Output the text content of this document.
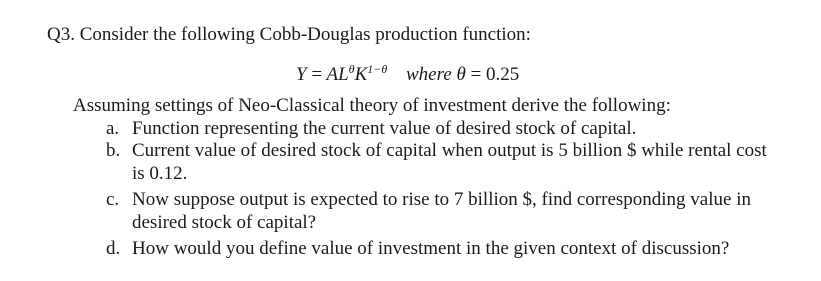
Q3. Consider the following Cobb-Douglas production function:
$Y = AL^\theta K^{1-\theta}$ where θ = 0.25
Assuming settings of Neo-Classical theory of investment derive the following:
a. Function representing the current value of desired stock of capital.
b. Current value of desired stock of capital when output is 5 billion $ while rental cost
is 0.12.
c. Now suppose output is expected to rise to 7 billion $, find corresponding value in
desired stock of capital?
d. How would you define value of investment in the given context of discussion?
